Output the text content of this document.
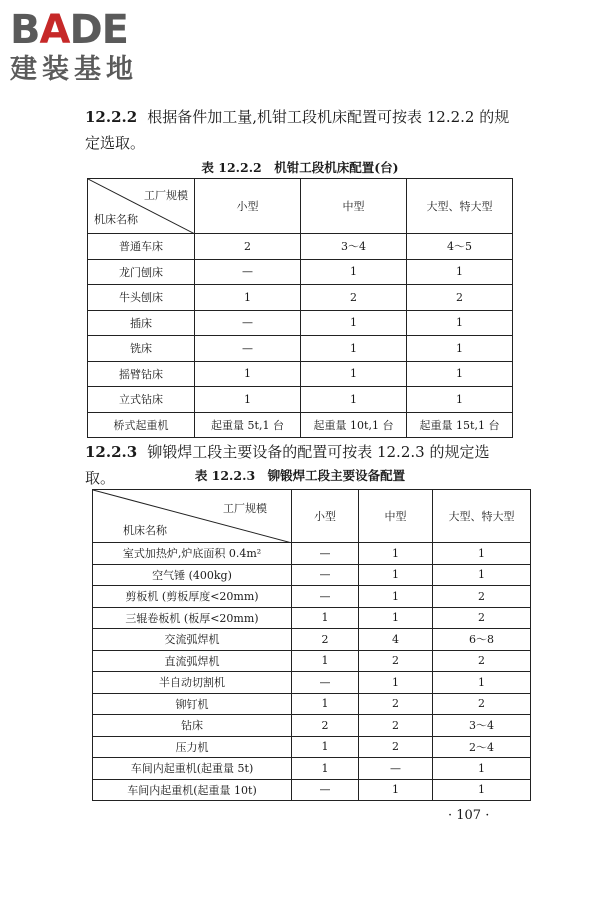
BADE
建装基地
12.2.2 根据备件加工量,机钳工段机床配置可按表 12.2.2 的规定选取。
表 12.2.2　机钳工段机床配置(台)
工厂规模
机床名称	小型	中型	大型、特大型
普通车床	2	3～4	4～5
龙门刨床	—	1	1
牛头刨床	1	2	2
插床	—	1	1
铣床	—	1	1
摇臂钻床	1	1	1
立式钻床	1	1	1
桥式起重机	起重量 5t,1 台	起重量 10t,1 台	起重量 15t,1 台
12.2.3 铆锻焊工段主要设备的配置可按表 12.2.3 的规定选取。	表 12.2.3　铆锻焊工段主要设备配置
工厂规模
机床名称	小型	中型	大型、特大型
室式加热炉,炉底面积 0.4m²	—	1	1
空气锤 (400kg)	—	1	1
剪板机 (剪板厚度<20mm)	—	1	2
三辊卷板机 (板厚<20mm)	1	1	2
交流弧焊机	2	4	6～8
直流弧焊机	1	2	2
半自动切割机	—	1	1
铆钉机	1	2	2
钻床	2	2	3～4
压力机	1	2	2～4
车间内起重机(起重量 5t)	1	—	1
车间内起重机(起重量 10t)	—	1	1
· 107 ·
